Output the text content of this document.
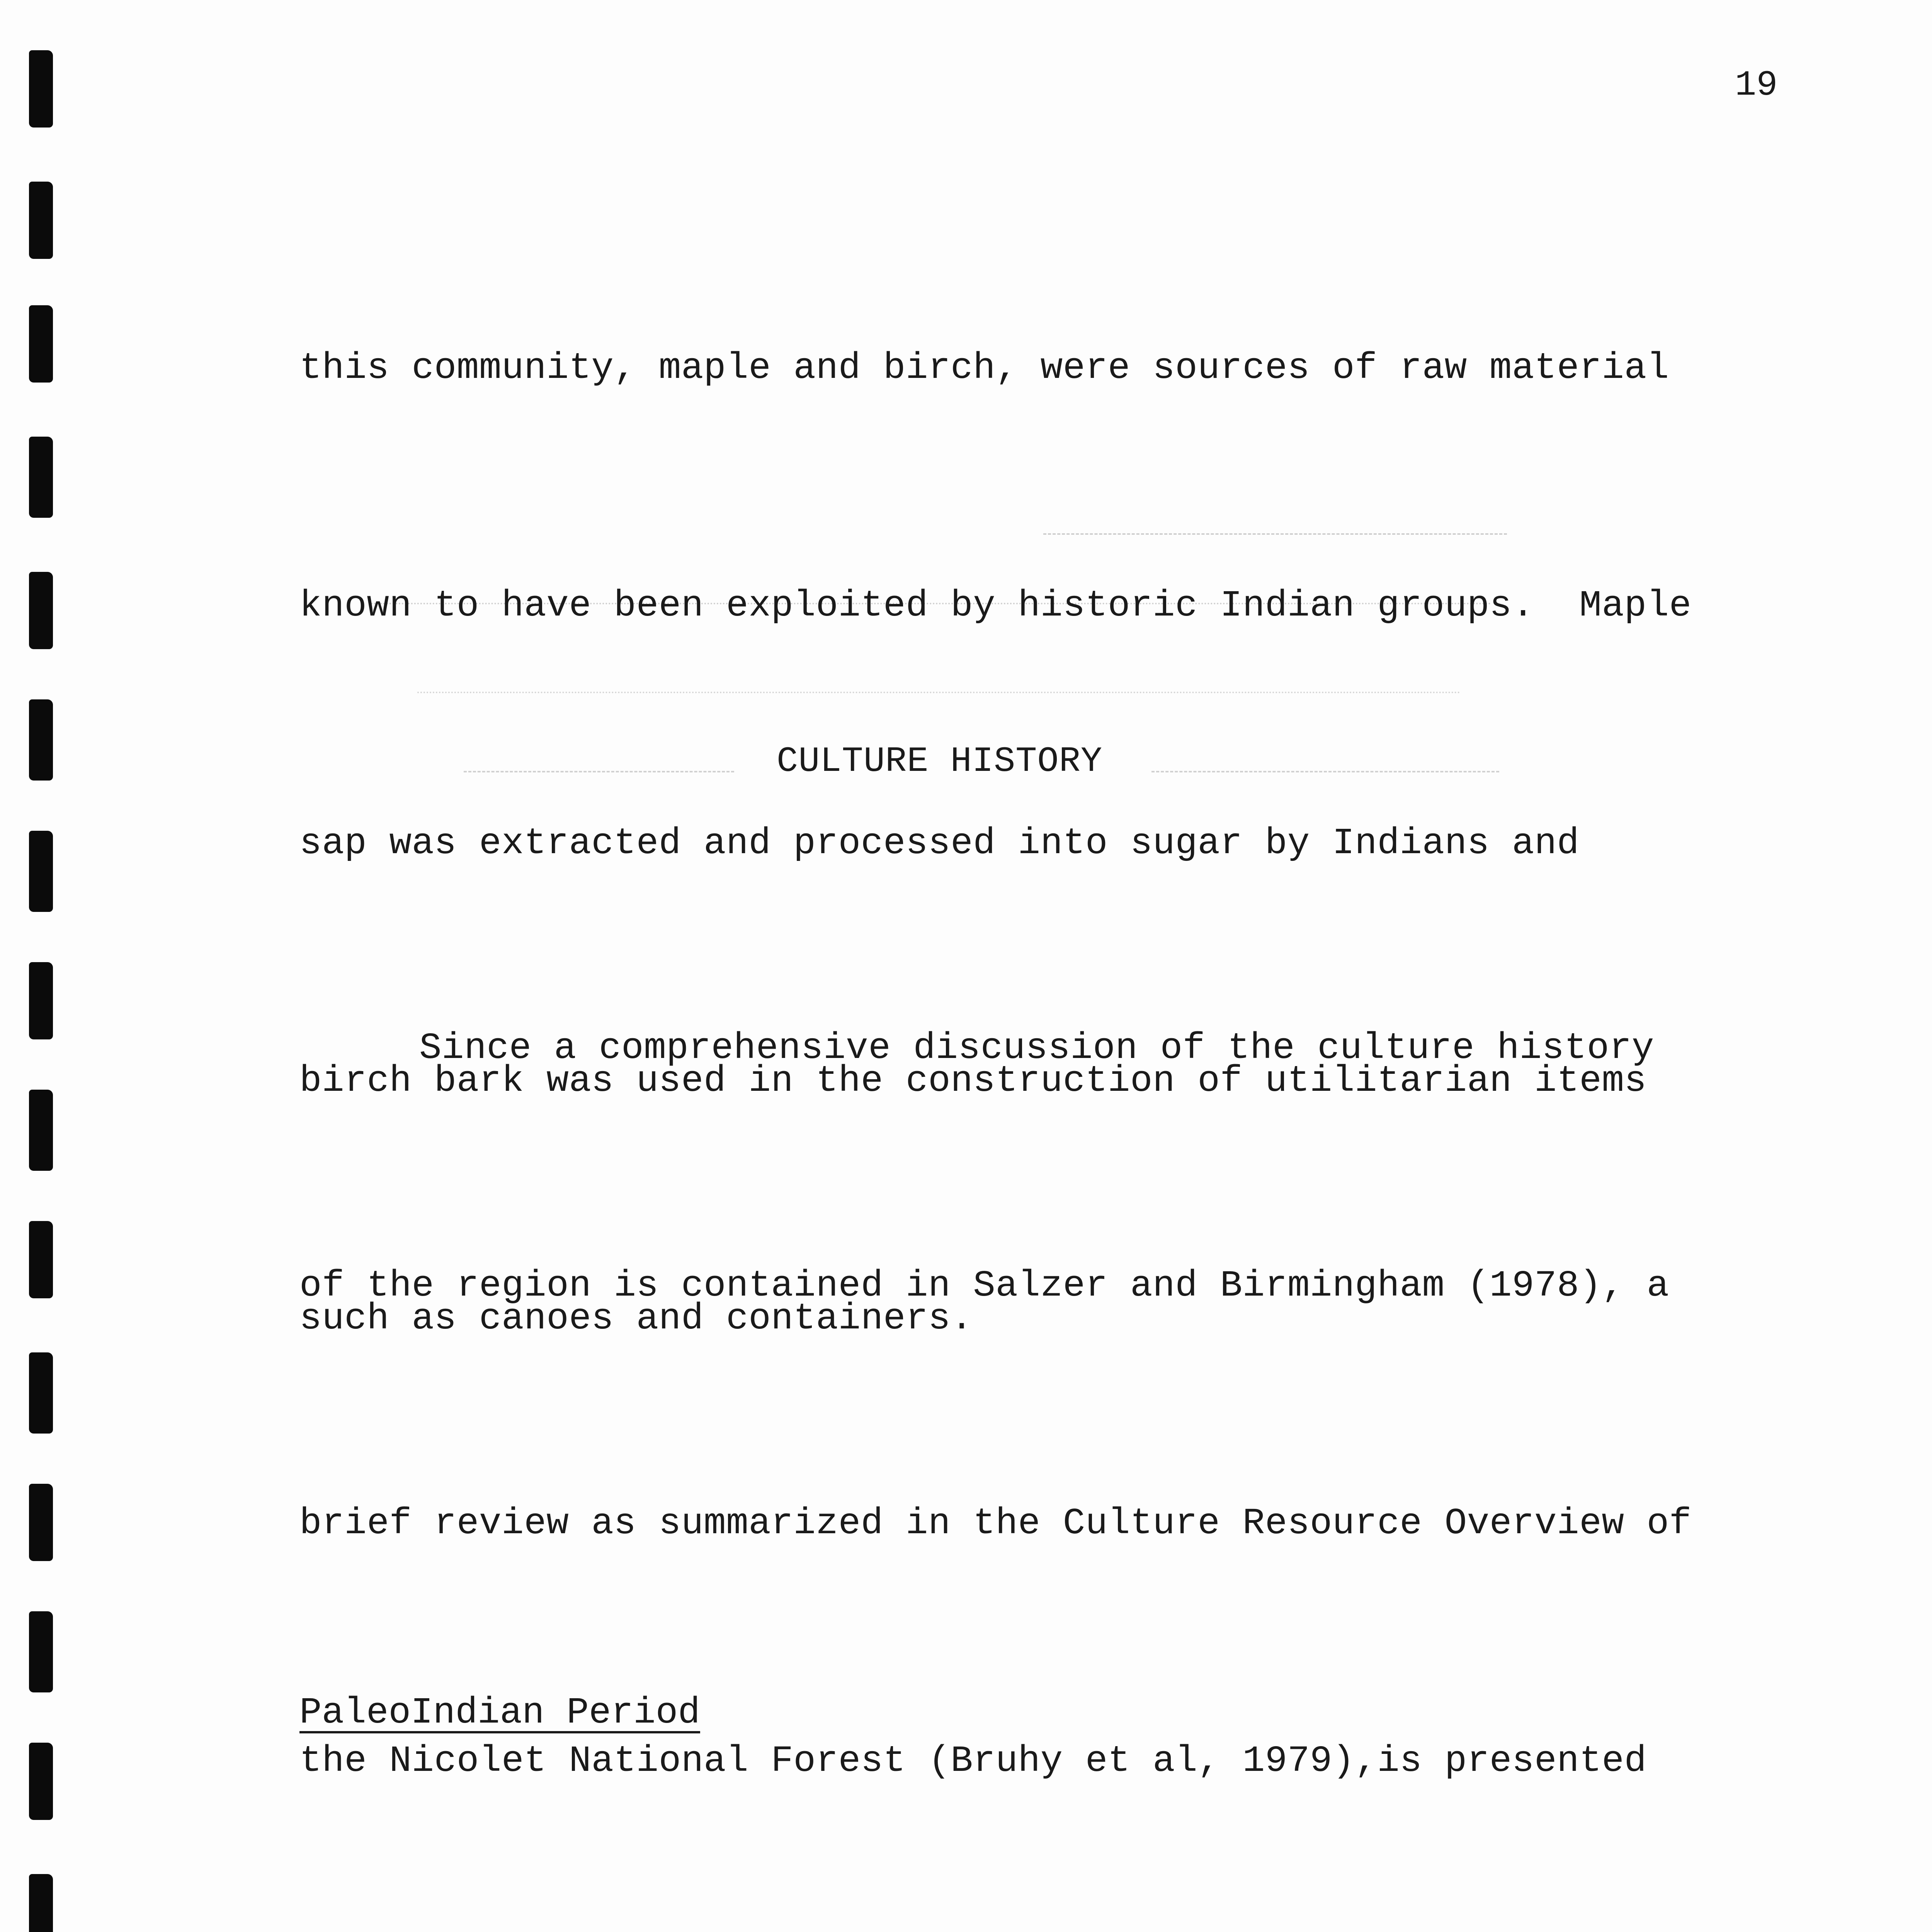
19

this community, maple and birch, were sources of raw material

known to have been exploited by historic Indian groups.  Maple

sap was extracted and processed into sugar by Indians and

birch bark was used in the construction of utilitarian items

such as canoes and containers.

CULTURE HISTORY

Since a comprehensive discussion of the culture history

of the region is contained in Salzer and Birmingham (1978), a

brief review as summarized in the Culture Resource Overview of

the Nicolet National Forest (Bruhy et al, 1979),is presented

PaleoIndian Period
